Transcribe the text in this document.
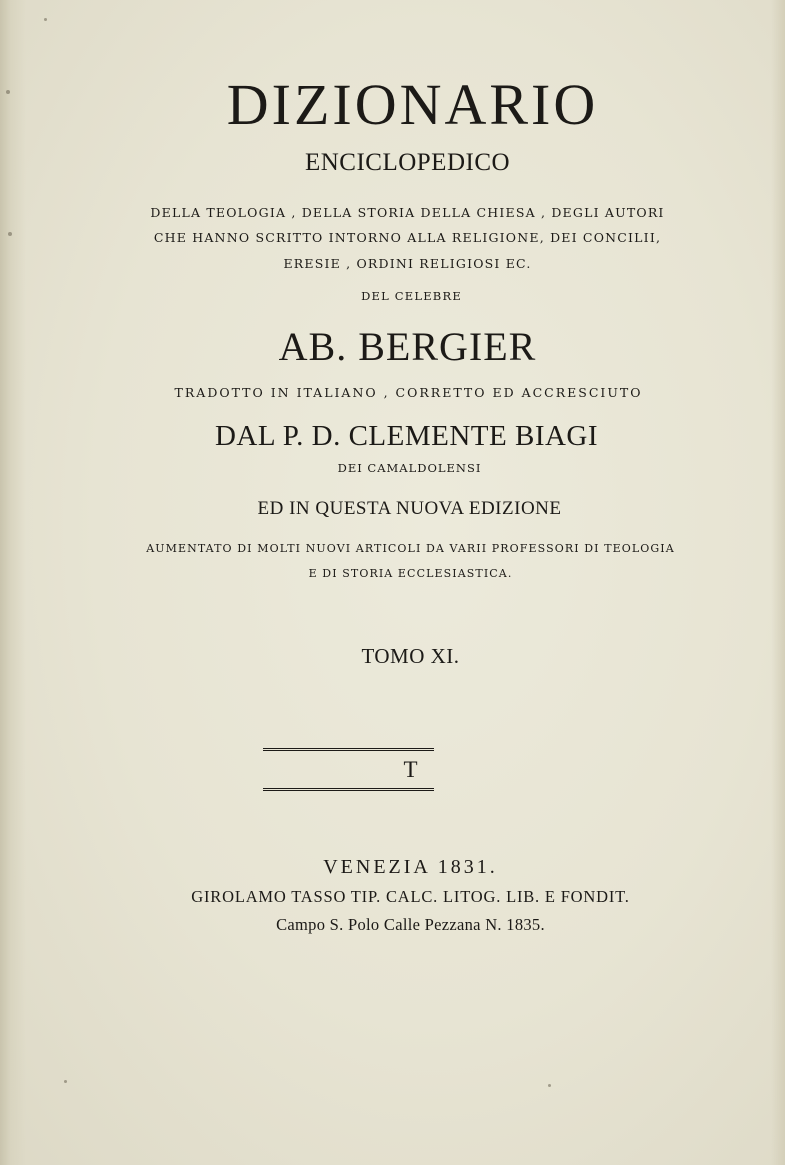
DIZIONARIO
ENCICLOPEDICO
DELLA TEOLOGIA , DELLA STORIA DELLA CHIESA , DEGLI AUTORI
CHE HANNO SCRITTO INTORNO ALLA RELIGIONE, DEI CONCILII,
ERESIE , ORDINI RELIGIOSI EC.
DEL CELEBRE
AB. BERGIER
TRADOTTO IN ITALIANO , CORRETTO ED ACCRESCIUTO
DAL P. D. CLEMENTE BIAGI
DEI CAMALDOLENSI
ED IN QUESTA NUOVA EDIZIONE
AUMENTATO DI MOLTI NUOVI ARTICOLI DA VARII PROFESSORI DI TEOLOGIA
E DI STORIA ECCLESIASTICA.
TOMO XI.
T
VENEZIA 1831.
GIROLAMO TASSO TIP. CALC. LITOG. LIB. E FONDIT.
Campo S. Polo Calle Pezzana N. 1835.
